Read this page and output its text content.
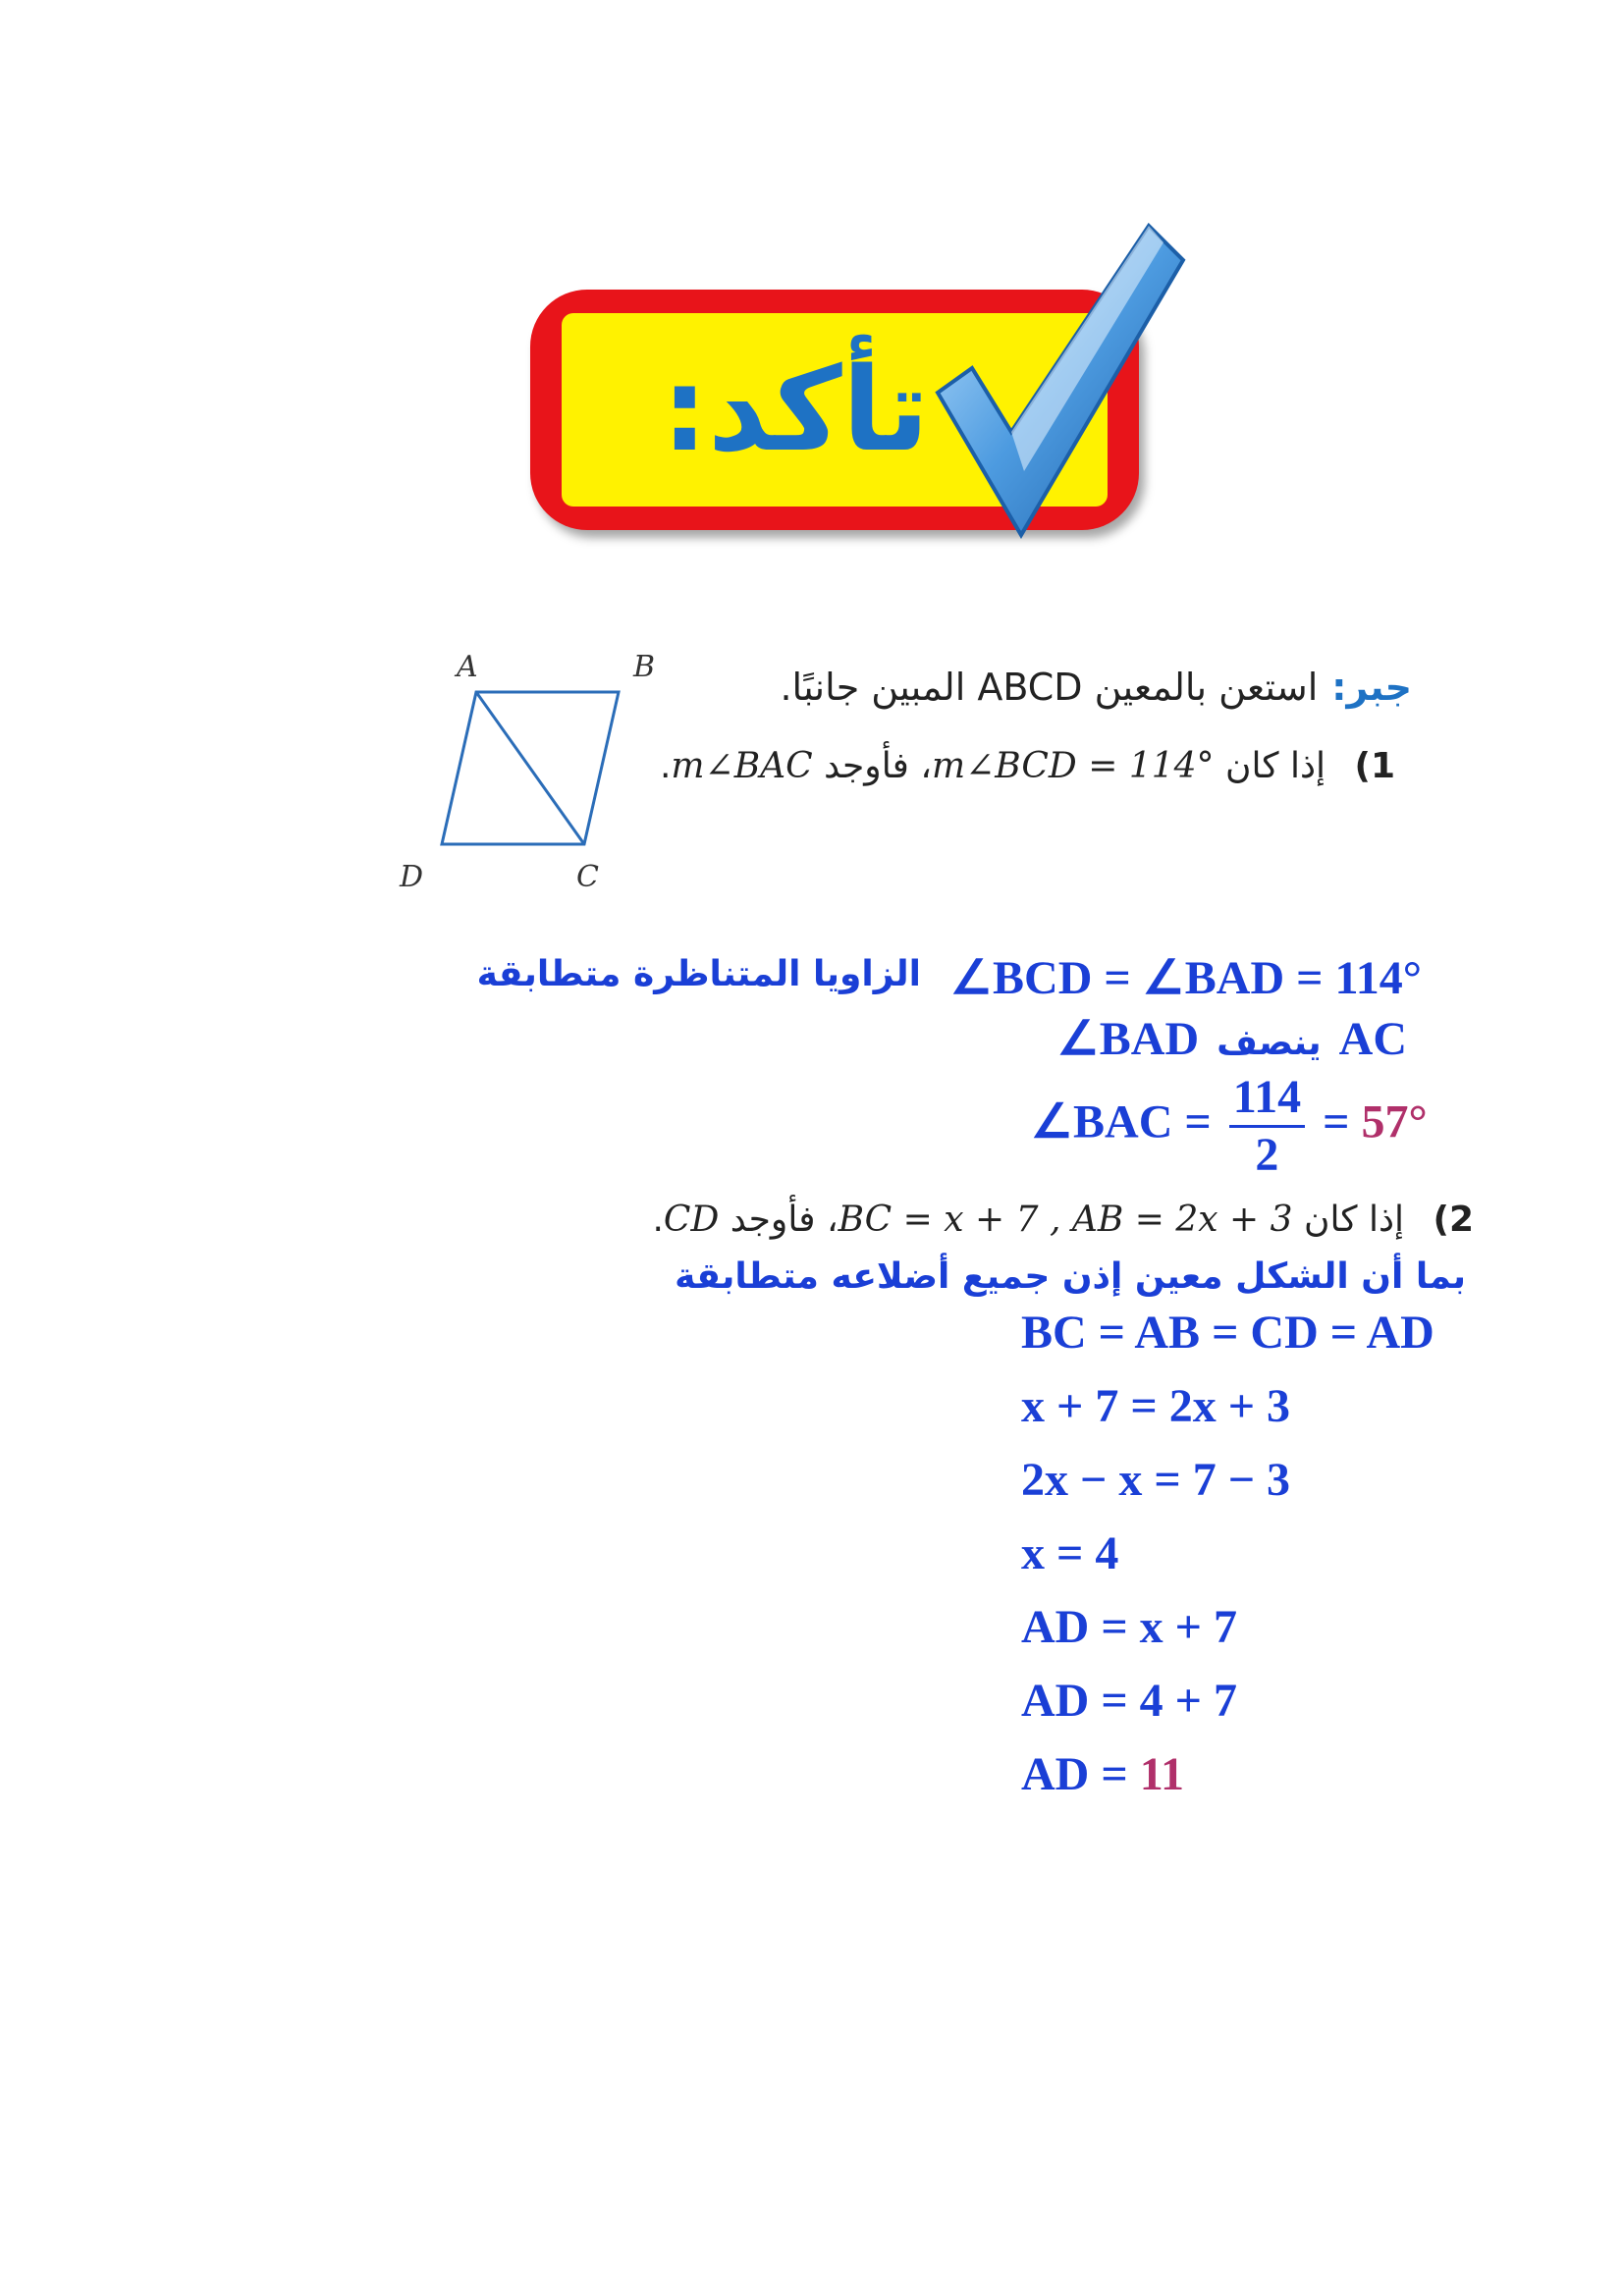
تأكد:
A	B
C
D
جبر:استعن بالمعين ABCD المبين جانبًا.
1) إذا كان m∠BCD = 114°، فأوجد m∠BAC.
∠BCD = ∠BAD = 114°
الزاويا المتناظرة متطابقة
∠BAD ينصف AC
∠BAC = $\frac{114}{2} = 57^\circ$
2) إذا كان BC = x + 7 , AB = 2x + 3، فأوجد CD.
بما أن الشكل معين إذن جميع أضلاعه متطابقة
BC = AB = CD = AD
x + 7 = 2x + 3
2x − x = 7 − 3
x = 4
AD = x + 7
AD = 4 + 7
AD = 11
